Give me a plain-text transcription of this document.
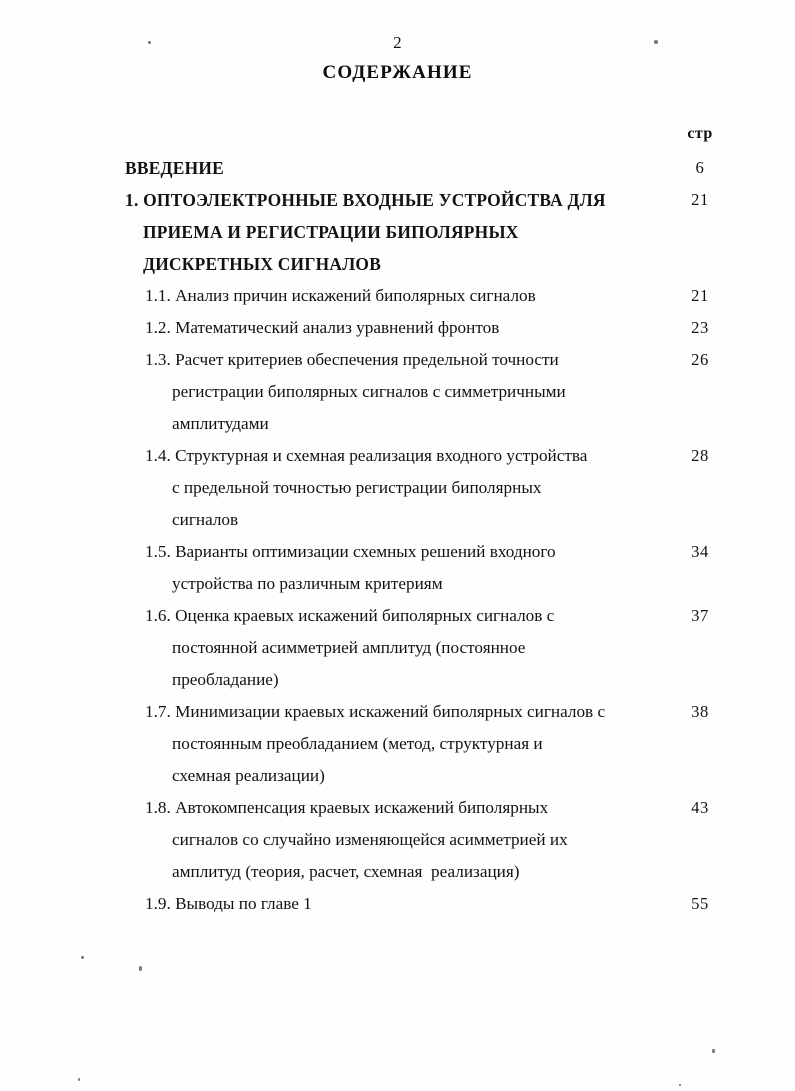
2
СОДЕРЖАНИЕ
стр
ВВЕДЕНИЕ	6
1. ОПТОЭЛЕКТРОННЫЕ ВХОДНЫЕ УСТРОЙСТВА ДЛЯ	21
ПРИЕМА И РЕГИСТРАЦИИ БИПОЛЯРНЫХ
ДИСКРЕТНЫХ СИГНАЛОВ
1.1. Анализ причин искажений биполярных сигналов	21
1.2. Математический анализ уравнений фронтов	23
1.3. Расчет критериев обеспечения предельной точности	26
регистрации биполярных сигналов с симметричными
амплитудами
1.4. Структурная и схемная реализация входного устройства	28
с предельной точностью регистрации биполярных
сигналов
1.5. Варианты оптимизации схемных решений входного	34
устройства по различным критериям
1.6. Оценка краевых искажений биполярных сигналов с	37
постоянной асимметрией амплитуд (постоянное
преобладание)
1.7. Минимизации краевых искажений биполярных сигналов с	38
постоянным преобладанием (метод, структурная и
схемная реализации)
1.8. Автокомпенсация краевых искажений биполярных	43
сигналов со случайно изменяющейся асимметрией их
амплитуд (теория, расчет, схемная  реализация)
1.9. Выводы по главе 1	55
